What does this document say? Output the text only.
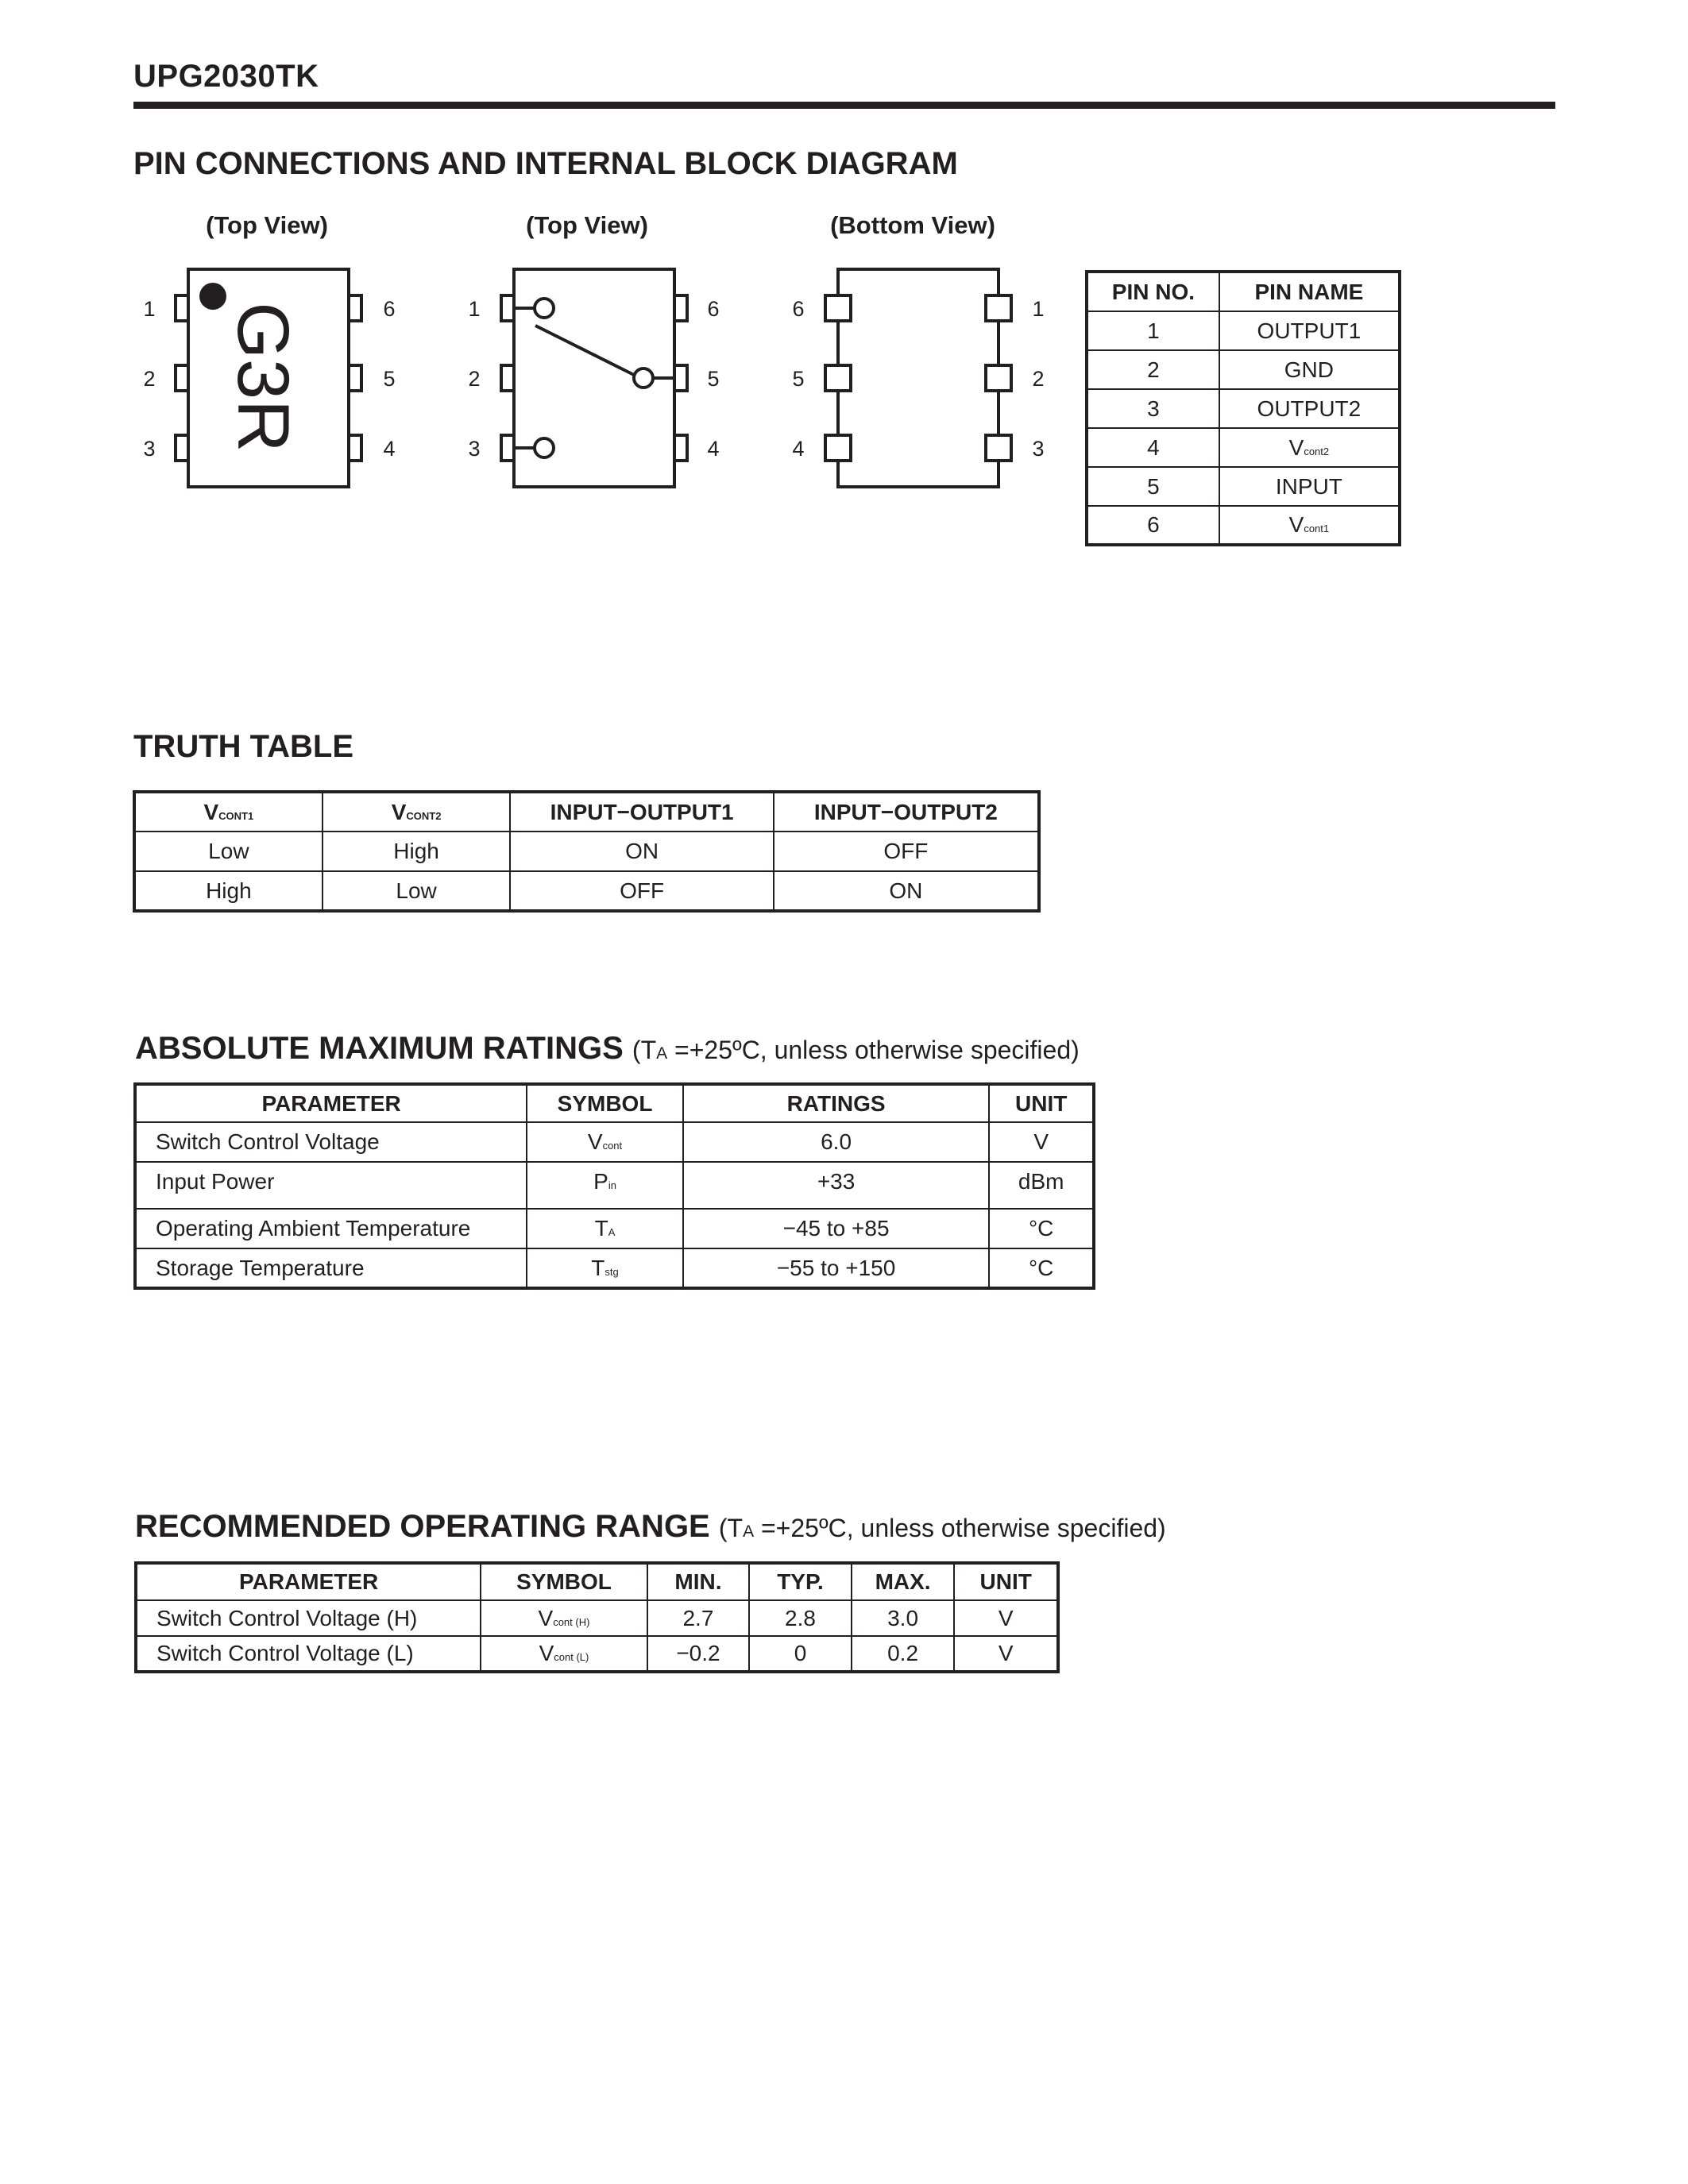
UPG2030TK
PIN CONNECTIONS AND INTERNAL BLOCK DIAGRAM
(Top View)	(Top View)	(Bottom View)
G3R
1
2
3
6
5
4
1
2
3
6
5
4
6
5
4
1
2
3
PIN NO.	PIN NAME
1	OUTPUT1
2	GND
3	OUTPUT2
4	Vcont2
5	INPUT
6	Vcont1
TRUTH TABLE
VCONT1	VCONT2	INPUT−OUTPUT1	INPUT−OUTPUT2
Low	High	ON	OFF
High	Low	OFF	ON
ABSOLUTE MAXIMUM RATINGS (TA =+25ºC, unless otherwise specified)
PARAMETER	SYMBOL	RATINGS	UNIT
Switch Control Voltage	Vcont	6.0	V
Input Power	Pin	+33	dBm
Operating Ambient Temperature	TA	−45 to +85	°C
Storage Temperature	Tstg	−55 to +150	°C
RECOMMENDED OPERATING RANGE (TA =+25ºC, unless otherwise specified)
PARAMETER	SYMBOL	MIN.	TYP.	MAX.	UNIT
Switch Control Voltage (H)	Vcont (H)	2.7	2.8	3.0	V
Switch Control Voltage (L)	Vcont (L)	−0.2	0	0.2	V
